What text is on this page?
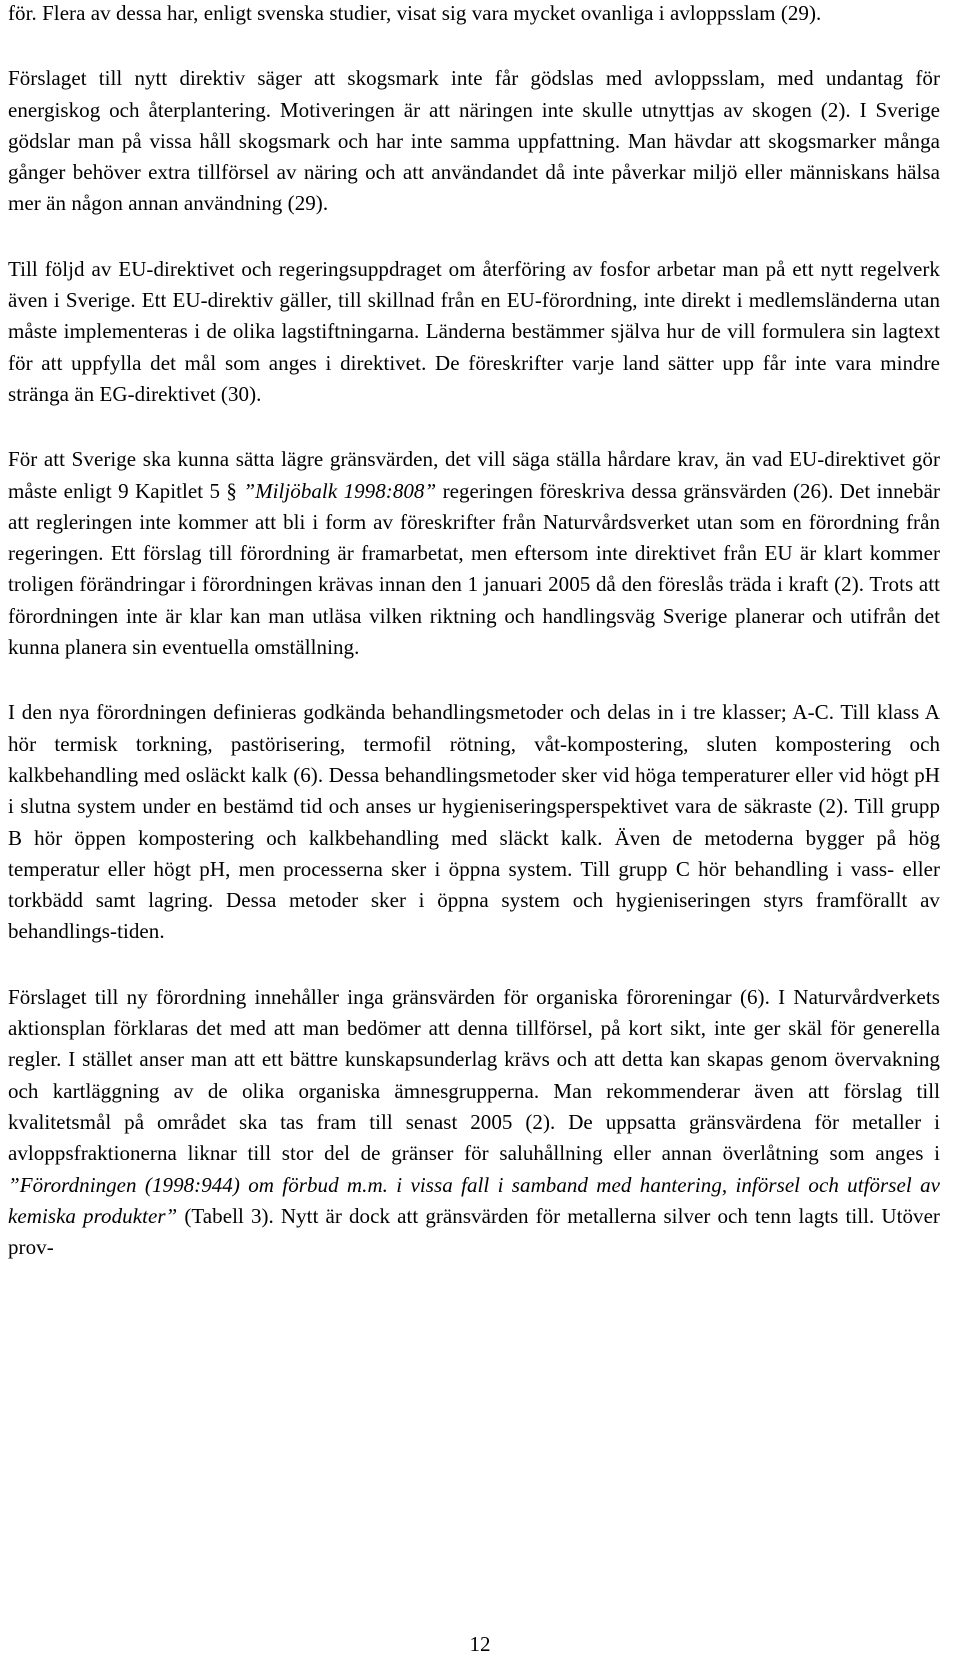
för. Flera av dessa har, enligt svenska studier, visat sig vara mycket ovanliga i avloppsslam (29).

Förslaget till nytt direktiv säger att skogsmark inte får gödslas med avloppsslam, med undantag för energiskog och återplantering. Motiveringen är att näringen inte skulle utnyttjas av skogen (2). I Sverige gödslar man på vissa håll skogsmark och har inte samma uppfattning. Man hävdar att skogsmarker många gånger behöver extra tillförsel av näring och att användandet då inte påverkar miljö eller människans hälsa mer än någon annan användning (29).

Till följd av EU-direktivet och regeringsuppdraget om återföring av fosfor arbetar man på ett nytt regelverk även i Sverige. Ett EU-direktiv gäller, till skillnad från en EU-förordning, inte direkt i medlemsländerna utan måste implementeras i de olika lagstiftningarna. Länderna bestämmer själva hur de vill formulera sin lagtext för att uppfylla det mål som anges i direktivet. De föreskrifter varje land sätter upp får inte vara mindre stränga än EG-direktivet (30).

För att Sverige ska kunna sätta lägre gränsvärden, det vill säga ställa hårdare krav, än vad EU-direktivet gör måste enligt 9 Kapitlet 5 § ”Miljöbalk 1998:808” regeringen föreskriva dessa gränsvärden (26). Det innebär att regleringen inte kommer att bli i form av föreskrifter från Naturvårdsverket utan som en förordning från regeringen. Ett förslag till förordning är framarbetat, men eftersom inte direktivet från EU är klart kommer troligen förändringar i förordningen krävas innan den 1 januari 2005 då den föreslås träda i kraft (2). Trots att förordningen inte är klar kan man utläsa vilken riktning och handlingsväg Sverige planerar och utifrån det kunna planera sin eventuella omställning.

I den nya förordningen definieras godkända behandlingsmetoder och delas in i tre klasser; A-C. Till klass A hör termisk torkning, pastörisering, termofil rötning, våt-kompostering, sluten kompostering och kalkbehandling med osläckt kalk (6). Dessa behandlingsmetoder sker vid höga temperaturer eller vid högt pH i slutna system under en bestämd tid och anses ur hygieniseringsperspektivet vara de säkraste (2). Till grupp B hör öppen kompostering och kalkbehandling med släckt kalk. Även de metoderna bygger på hög temperatur eller högt pH, men processerna sker i öppna system. Till grupp C hör behandling i vass- eller torkbädd samt lagring. Dessa metoder sker i öppna system och hygieniseringen styrs framförallt av behandlings-tiden.

Förslaget till ny förordning innehåller inga gränsvärden för organiska föroreningar (6). I Naturvårdverkets aktionsplan förklaras det med att man bedömer att denna tillförsel, på kort sikt, inte ger skäl för generella regler. I stället anser man att ett bättre kunskapsunderlag krävs och att detta kan skapas genom övervakning och kartläggning av de olika organiska ämnesgrupperna. Man rekommenderar även att förslag till kvalitetsmål på området ska tas fram till senast 2005 (2). De uppsatta gränsvärdena för metaller i avloppsfraktionerna liknar till stor del de gränser för saluhållning eller annan överlåtning som anges i ”Förordningen (1998:944) om förbud m.m. i vissa fall i samband med hantering, införsel och utförsel av kemiska produkter” (Tabell 3). Nytt är dock att gränsvärden för metallerna silver och tenn lagts till. Utöver prov-

12
